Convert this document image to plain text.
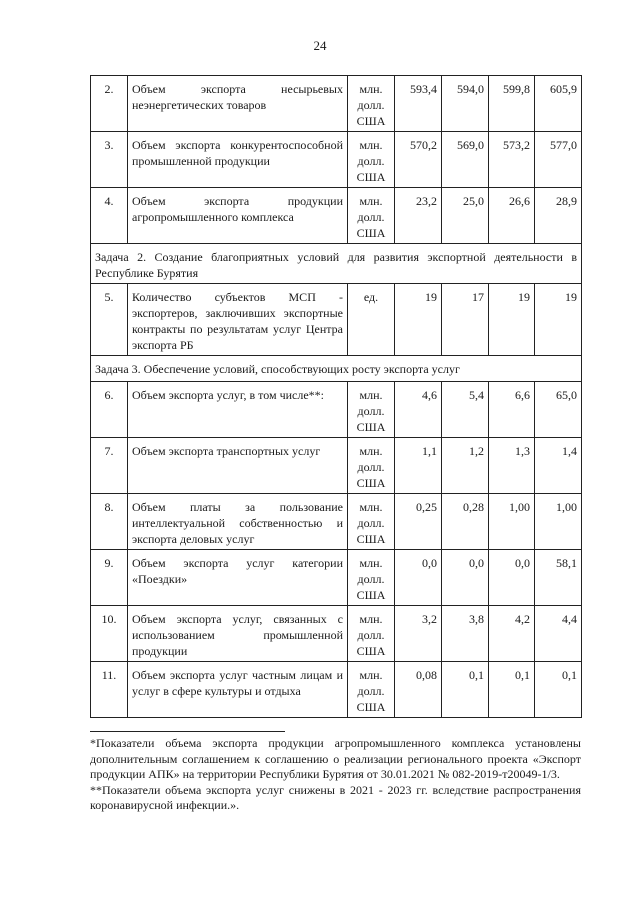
24
2.	Объем экспорта несырьевых неэнергетических товаров	млн. долл. США	593,4	594,0	599,8	605,9
3.	Объем экспорта конкурентоспособной промышленной продукции	млн. долл. США	570,2	569,0	573,2	577,0
4.	Объем экспорта продукции агропромышленного комплекса	млн. долл. США	23,2	25,0	26,6	28,9
Задача 2. Создание благоприятных условий для развития экспортной деятельности в Республике Бурятия						
5.	Количество субъектов МСП - экспортеров, заключивших экспортные контракты по результатам услуг Центра экспорта РБ	ед.	19	17	19	19
Задача 3. Обеспечение условий, способствующих росту экспорта услуг						
6.	Объем экспорта услуг, в том числе**:	млн. долл. США	4,6	5,4	6,6	65,0
7.	Объем экспорта транспортных услуг	млн. долл. США	1,1	1,2	1,3	1,4
8.	Объем платы за пользование интеллектуальной собственностью и экспорта деловых услуг	млн. долл. США	0,25	0,28	1,00	1,00
9.	Объем экспорта услуг категории «Поездки»	млн. долл. США	0,0	0,0	0,0	58,1
10.	Объем экспорта услуг, связанных с использованием промышленной продукции	млн. долл. США	3,2	3,8	4,2	4,4
11.	Объем экспорта услуг частным лицам и услуг в сфере культуры и отдыха	млн. долл. США	0,08	0,1	0,1	0,1

*Показатели объема экспорта продукции агропромышленного комплекса установлены дополнительным соглашением к соглашению о реализации регионального проекта «Экспорт продукции АПК» на территории Республики Бурятия от 30.01.2021 № 082-2019-т20049-1/3.

**Показатели объема экспорта услуг снижены в 2021 - 2023 гг. вследствие распространения коронавирусной инфекции.».
